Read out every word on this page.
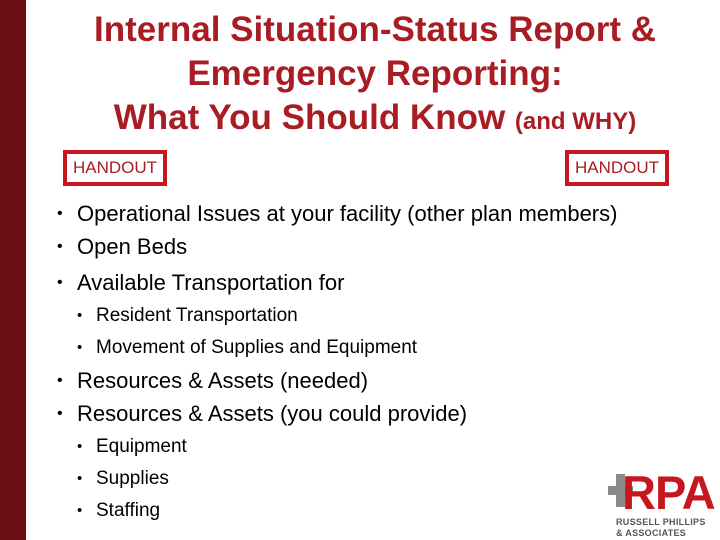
Internal Situation-Status Report &
Emergency Reporting:
What You Should Know (and WHY)
HANDOUT	HANDOUT
• Operational Issues at your facility (other plan members)
• Open Beds
• Available Transportation for
• Resident Transportation
• Movement of Supplies and Equipment
• Resources & Assets (needed)
• Resources & Assets (you could provide)
• Equipment
• Supplies
• Staffing	RPA
RUSSELL PHILLIPS
& ASSOCIATES
